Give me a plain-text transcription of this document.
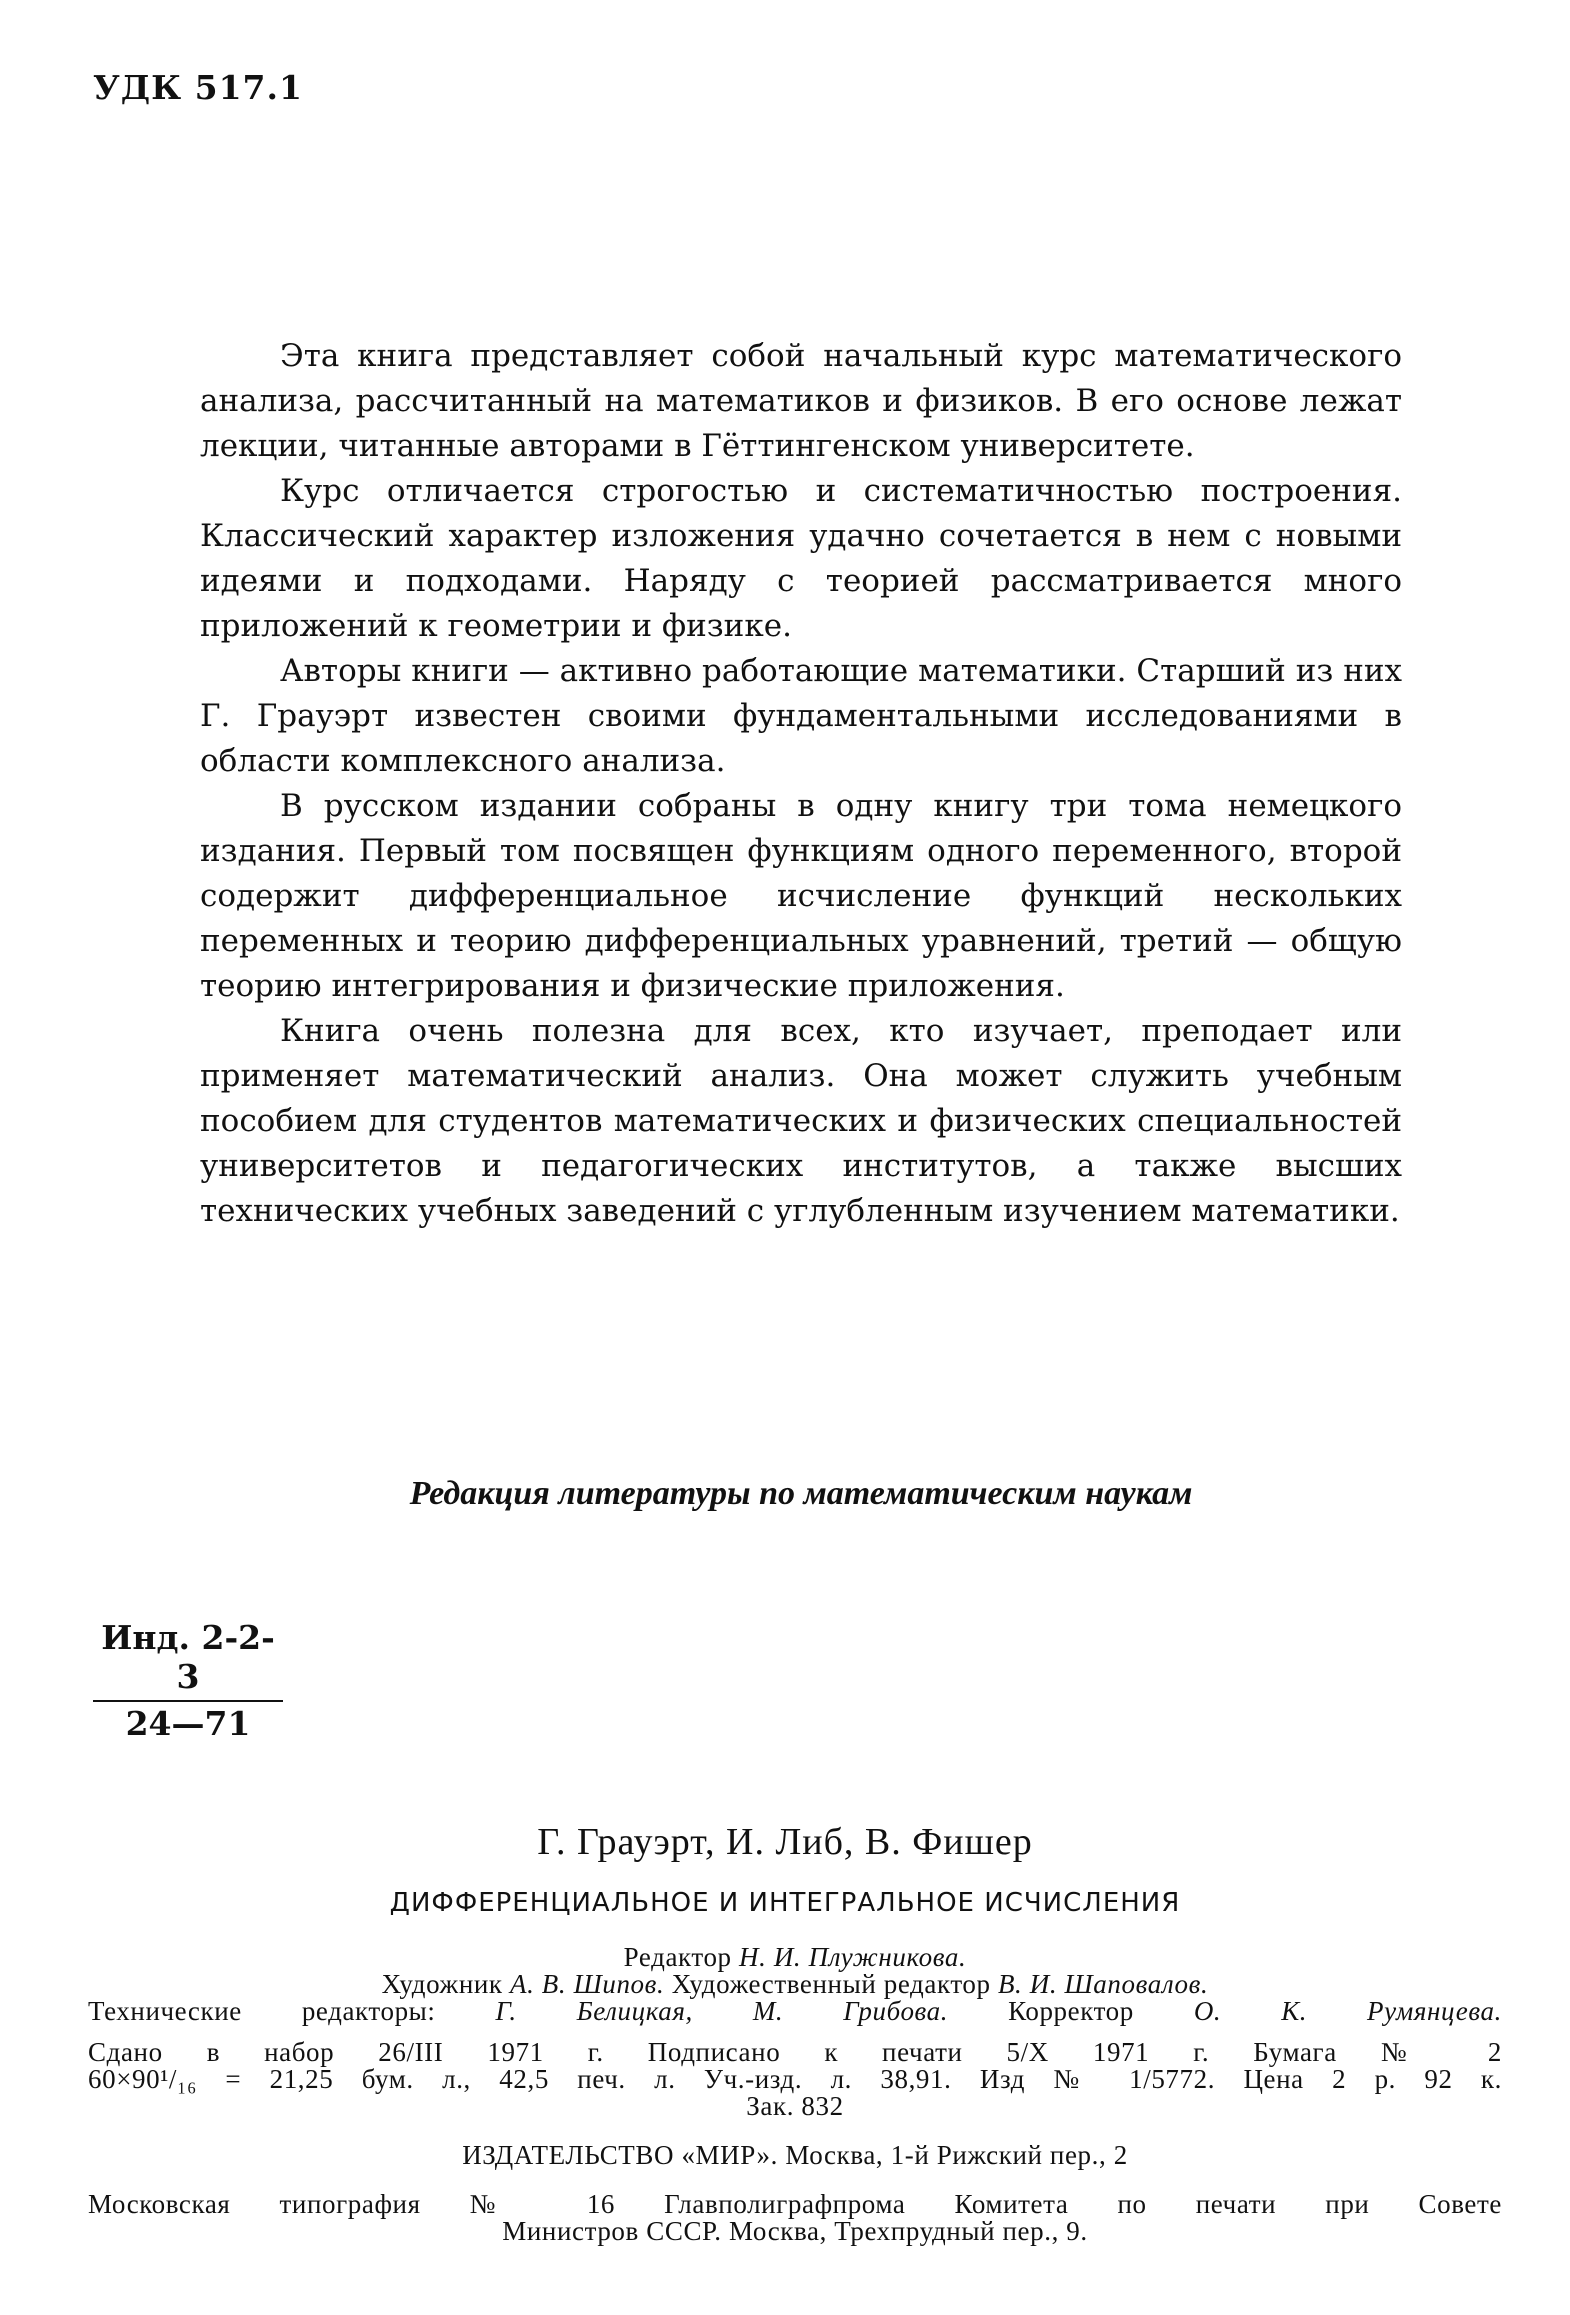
УДК 517.1

Эта книга представляет собой начальный курс математического анализа, рассчитанный на математиков и физиков. В его основе лежат лекции, читанные авторами в Гёттингенском университете.

Курс отличается строгостью и систематичностью построения. Классический характер изложения удачно сочетается в нем с новыми идеями и подходами. Наряду с теорией рассматривается много приложений к геометрии и физике.

Авторы книги — активно работающие математики. Старший из них Г. Грауэрт известен своими фундаментальными исследованиями в области комплексного анализа.

В русском издании собраны в одну книгу три тома немецкого издания. Первый том посвящен функциям одного переменного, второй содержит дифференциальное исчисление функций нескольких переменных и теорию дифференциальных уравнений, третий — общую теорию интегрирования и физические приложения.

Книга очень полезна для всех, кто изучает, преподает или применяет математический анализ. Она может служить учебным пособием для студентов математических и физических специальностей университетов и педагогических институтов, а также высших технических учебных заведений с углубленным изучением математики.

Редакция литературы по математическим наукам
Инд. 2-2-3
24—71
Г. Грауэрт, И. Либ, В. Фишер
ДИФФЕРЕНЦИАЛЬНОЕ И ИНТЕГРАЛЬНОЕ ИСЧИСЛЕНИЯ
Редактор Н. И. Плужникова.
Художник А. В. Шипов. Художественный редактор В. И. Шаповалов.
Технические редакторы: Г. Белицкая, М. Грибова. Корректор О. К. Румянцева.
Сдано в набор 26/III 1971 г. Подписано к печати 5/X 1971 г. Бумага № 2
60×90¹/₁₆ = 21,25 бум. л., 42,5 печ. л. Уч.-изд. л. 38,91. Изд № 1/5772. Цена 2 р. 92 к.
Зак. 832
ИЗДАТЕЛЬСТВО «МИР». Москва, 1-й Рижский пер., 2
Московская типография № 16 Главполиграфпрома Комитета по печати при Совете
Министров СССР. Москва, Трехпрудный пер., 9.
